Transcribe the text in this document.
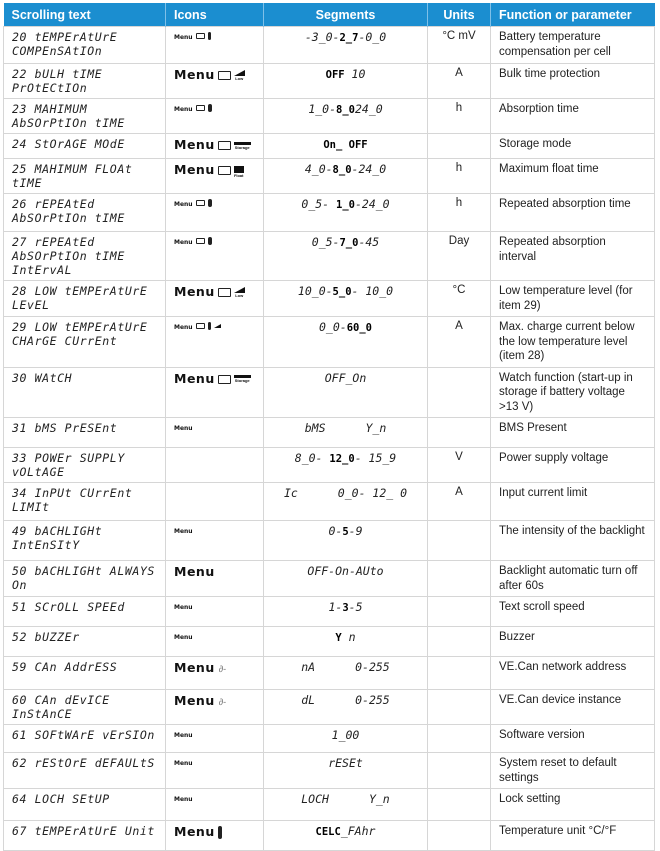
Scrolling text	Icons	Segments	Units	Function or parameter
20 tEMPErAtUrE COMPEnSAtIOn	Menu	-3_0-2_7-0_0	°C mV	Battery temperature compensation per cell
22 bULH tIME PrOtECtIOn	Menu Low	OFF 10	A	Bulk time protection
23 MAHIMUM AbSOrPtIOn tIME	Menu	1_0-8_024_0	h	Absorption time
24 StOrAGE MOdE	Menu Storage	On_ OFF		Storage mode
25 MAHIMUM FLOAt tIME	Menu Float	4_0-8_0-24_0	h	Maximum float time
26 rEPEAtEd AbSOrPtIOn tIME	Menu	0_5- 1_0-24_0	h	Repeated absorption time
27 rEPEAtEd AbSOrPtIOn tIME IntErvAL	Menu	0_5-7_0-45	Day	Repeated absorption interval
28 LOW tEMPErAtUrE LEvEL	Menu Low	10_0-5_0- 10_0	°C	Low temperature level (for item 29)
29 LOW tEMPErAtUrE CHArGE CUrrEnt	Menu	0_0-60_0	A	Max. charge current below the low temperature level (item 28)
30 WAtCH	Menu Storage	OFF_On		Watch function (start-up in storage if battery voltage >13 V)
31 bMS PrESEnt	Menu	bMS Y_n		BMS Present
33 POWEr SUPPLY vOLtAGE		8_0- 12_0- 15_9	V	Power supply voltage
34 InPUt CUrrEnt LIMIt		Ic 0_0- 12_ 0	A	Input current limit
49 bACHLIGHt IntEnSItY	Menu	0-5-9		The intensity of the backlight
50 bACHLIGHt ALWAYS On	Menu	OFF-On-AUto		Backlight automatic turn off after 60s
51 SCrOLL SPEEd	Menu	1-3-5		Text scroll speed
52 bUZZEr	Menu	Y n		Buzzer
59 CAn AddrESS	Menu ∂-	nA 0-255		VE.Can network address
60 CAn dEvICE InStAnCE	Menu ∂-	dL 0-255		VE.Can device instance
61 SOFtWArE vErSIOn	Menu	1_00		Software version
62 rEStOrE dEFAULtS	Menu	rESEt		System reset to default settings
64 LOCH SEtUP	Menu	LOCH Y_n		Lock setting
67 tEMPErAtUrE Unit	Menu	CELC_FAhr		Temperature unit °C/°F
